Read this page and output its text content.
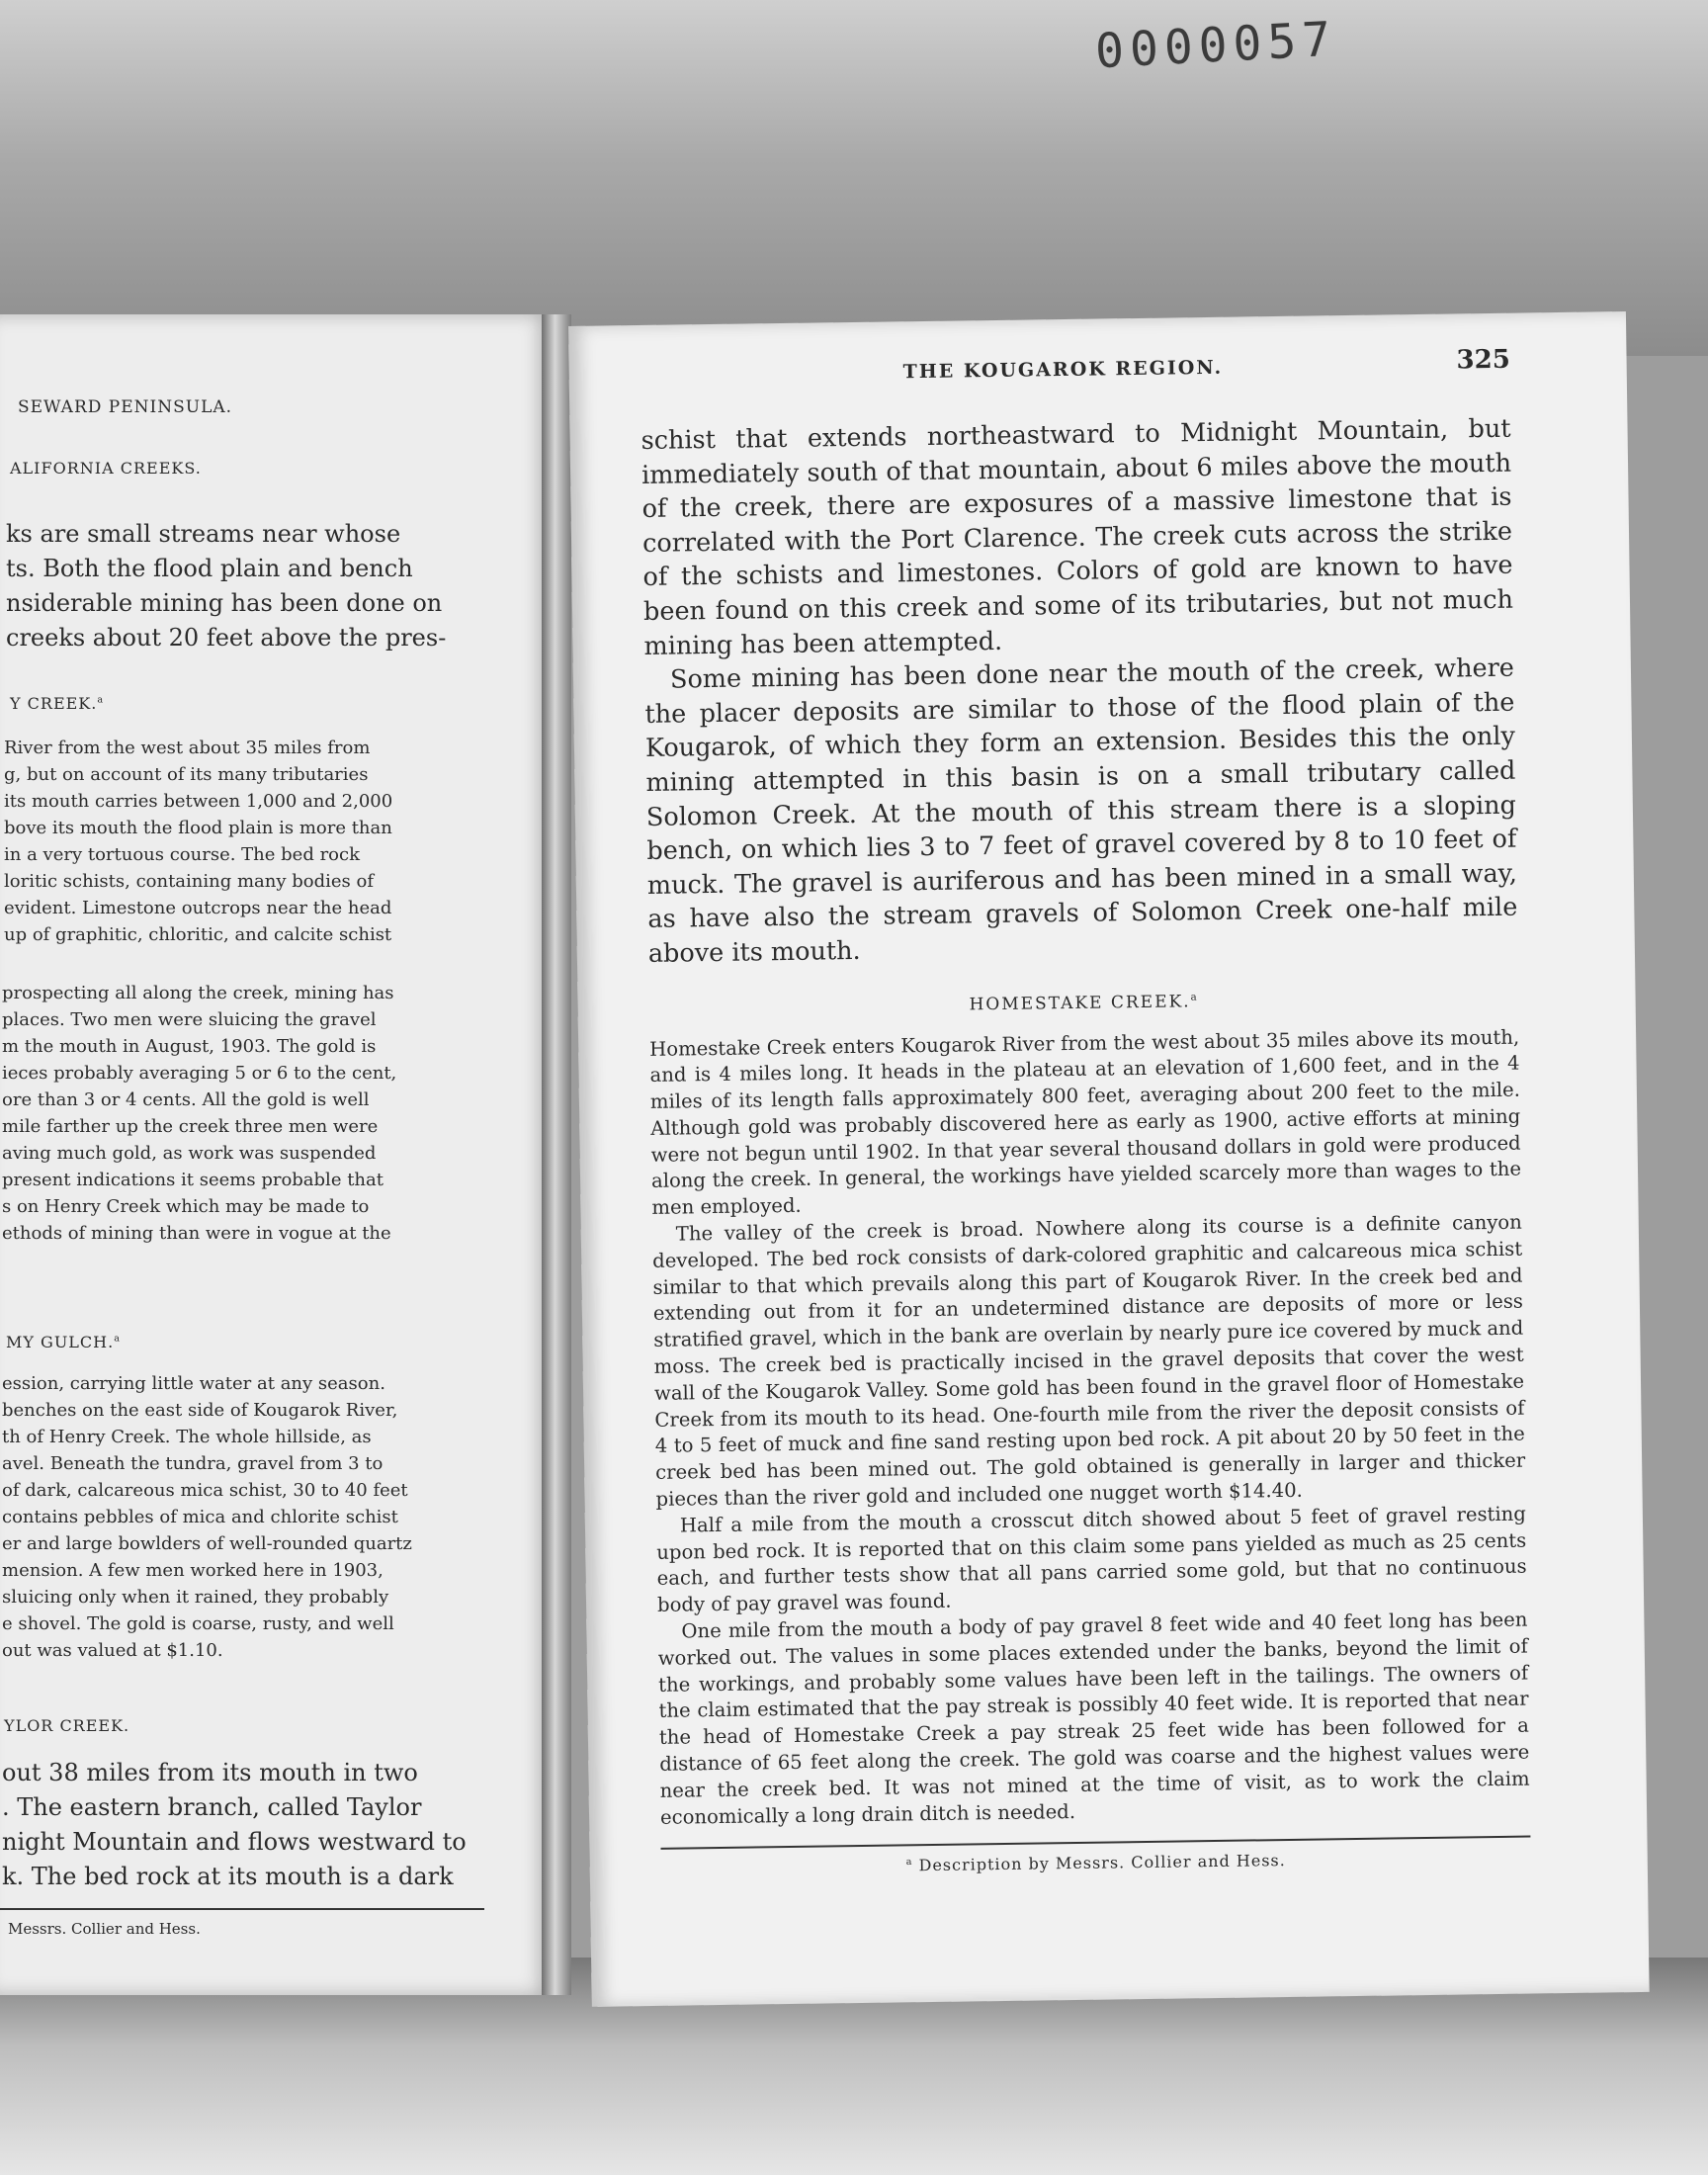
0000057
SEWARD PENINSULA.
ALIFORNIA CREEKS.
ks are small streams near whose
ts. Both the flood plain and bench
nsiderable mining has been done on
creeks about 20 feet above the pres-
Y CREEK.$^a$
River from the west about 35 miles from
g, but on account of its many tributaries
its mouth carries between 1,000 and 2,000
bove its mouth the flood plain is more than
in a very tortuous course. The bed rock
loritic schists, containing many bodies of
evident. Limestone outcrops near the head
up of graphitic, chloritic, and calcite schist
prospecting all along the creek, mining has
places. Two men were sluicing the gravel
m the mouth in August, 1903. The gold is
ieces probably averaging 5 or 6 to the cent,
ore than 3 or 4 cents. All the gold is well
mile farther up the creek three men were
aving much gold, as work was suspended
present indications it seems probable that
s on Henry Creek which may be made to
ethods of mining than were in vogue at the
MY GULCH.$^a$
ession, carrying little water at any season.
benches on the east side of Kougarok River,
th of Henry Creek. The whole hillside, as
avel. Beneath the tundra, gravel from 3 to
of dark, calcareous mica schist, 30 to 40 feet
contains pebbles of mica and chlorite schist
er and large bowlders of well-rounded quartz
mension. A few men worked here in 1903,
sluicing only when it rained, they probably
e shovel. The gold is coarse, rusty, and well
out was valued at $1.10.
YLOR CREEK.
out 38 miles from its mouth in two
. The eastern branch, called Taylor
night Mountain and flows westward to
k. The bed rock at its mouth is a dark
Messrs. Collier and Hess.
THE KOUGAROK REGION.	325

schist that extends northeastward to Midnight Mountain, but immediately south of that mountain, about 6 miles above the mouth of the creek, there are exposures of a massive limestone that is correlated with the Port Clarence. The creek cuts across the strike of the schists and limestones. Colors of gold are known to have been found on this creek and some of its tributaries, but not much mining has been attempted.

Some mining has been done near the mouth of the creek, where the placer deposits are similar to those of the flood plain of the Kougarok, of which they form an extension. Besides this the only mining attempted in this basin is on a small tributary called Solomon Creek. At the mouth of this stream there is a sloping bench, on which lies 3 to 7 feet of gravel covered by 8 to 10 feet of muck. The gravel is auriferous and has been mined in a small way, as have also the stream gravels of Solomon Creek one-half mile above its mouth.

HOMESTAKE CREEK.$^a$

Homestake Creek enters Kougarok River from the west about 35 miles above its mouth, and is 4 miles long. It heads in the plateau at an elevation of 1,600 feet, and in the 4 miles of its length falls approximately 800 feet, averaging about 200 feet to the mile. Although gold was probably discovered here as early as 1900, active efforts at mining were not begun until 1902. In that year several thousand dollars in gold were produced along the creek. In general, the workings have yielded scarcely more than wages to the men employed.

The valley of the creek is broad. Nowhere along its course is a definite canyon developed. The bed rock consists of dark-colored graphitic and calcareous mica schist similar to that which prevails along this part of Kougarok River. In the creek bed and extending out from it for an undetermined distance are deposits of more or less stratified gravel, which in the bank are overlain by nearly pure ice covered by muck and moss. The creek bed is practically incised in the gravel deposits that cover the west wall of the Kougarok Valley. Some gold has been found in the gravel floor of Homestake Creek from its mouth to its head. One-fourth mile from the river the deposit consists of 4 to 5 feet of muck and fine sand resting upon bed rock. A pit about 20 by 50 feet in the creek bed has been mined out. The gold obtained is generally in larger and thicker pieces than the river gold and included one nugget worth $14.40.

Half a mile from the mouth a crosscut ditch showed about 5 feet of gravel resting upon bed rock. It is reported that on this claim some pans yielded as much as 25 cents each, and further tests show that all pans carried some gold, but that no continuous body of pay gravel was found.

One mile from the mouth a body of pay gravel 8 feet wide and 40 feet long has been worked out. The values in some places extended under the banks, beyond the limit of the workings, and probably some values have been left in the tailings. The owners of the claim estimated that the pay streak is possibly 40 feet wide. It is reported that near the head of Homestake Creek a pay streak 25 feet wide has been followed for a distance of 65 feet along the creek. The gold was coarse and the highest values were near the creek bed. It was not mined at the time of visit, as to work the claim economically a long drain ditch is needed.

$^a$ Description by Messrs. Collier and Hess.
